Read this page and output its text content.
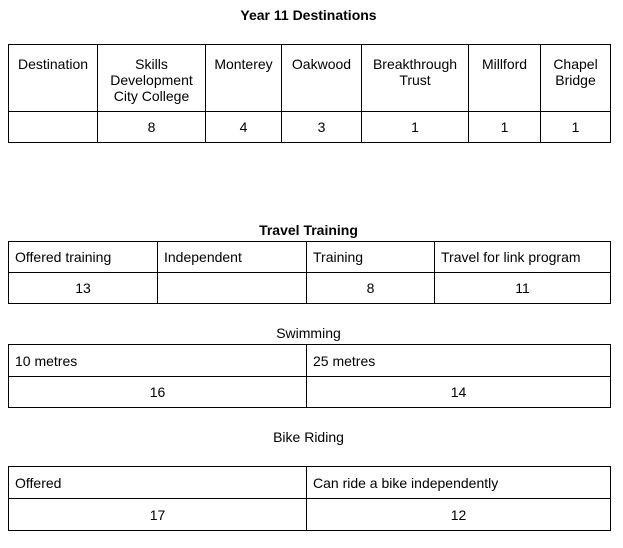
Year 11 Destinations
Destination	Skills Development City College	Monterey	Oakwood	Breakthrough Trust	Millford	Chapel Bridge
	8	4	3	1	1	1
Travel Training
Offered training	Independent	Training	Travel for link program
13		8	11
Swimming
10 metres	25 metres
16	14
Bike Riding
Offered	Can ride a bike independently
17	12
